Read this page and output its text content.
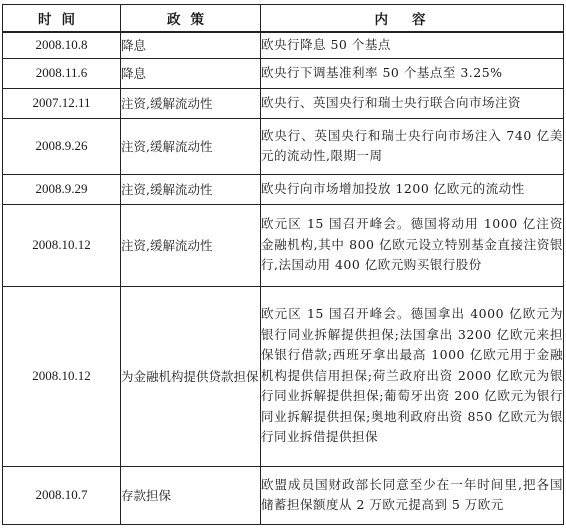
时间	政策	内容
2008.10.8	降息	欧央行降息 50 个基点
2008.11.6	降息	欧央行下调基准利率 50 个基点至 3.25%
2007.12.11	注资,缓解流动性	欧央行、英国央行和瑞士央行联合向市场注资
2008.9.26	注资,缓解流动性	欧央行、英国央行和瑞士央行向市场注入 740 亿美元的流动性,限期一周
2008.9.29	注资,缓解流动性	欧央行向市场增加投放 1200 亿欧元的流动性
2008.10.12	注资,缓解流动性	欧元区 15 国召开峰会。德国将动用 1000 亿注资金融机构,其中 800 亿欧元设立特别基金直接注资银行,法国动用 400 亿欧元购买银行股份
2008.10.12	为金融机构提供贷款担保	欧元区 15 国召开峰会。德国拿出 4000 亿欧元为银行同业拆解提供担保;法国拿出 3200 亿欧元来担保银行借款;西班牙拿出最高 1000 亿欧元用于金融机构提供信用担保;荷兰政府出资 2000 亿欧元为银行同业拆解提供担保;葡萄牙出资 200 亿欧元为银行同业拆解提供担保;奥地利政府出资 850 亿欧元为银行同业拆借提供担保
2008.10.7	存款担保	欧盟成员国财政部长同意至少在一年时间里,把各国储蓄担保额度从 2 万欧元提高到 5 万欧元
